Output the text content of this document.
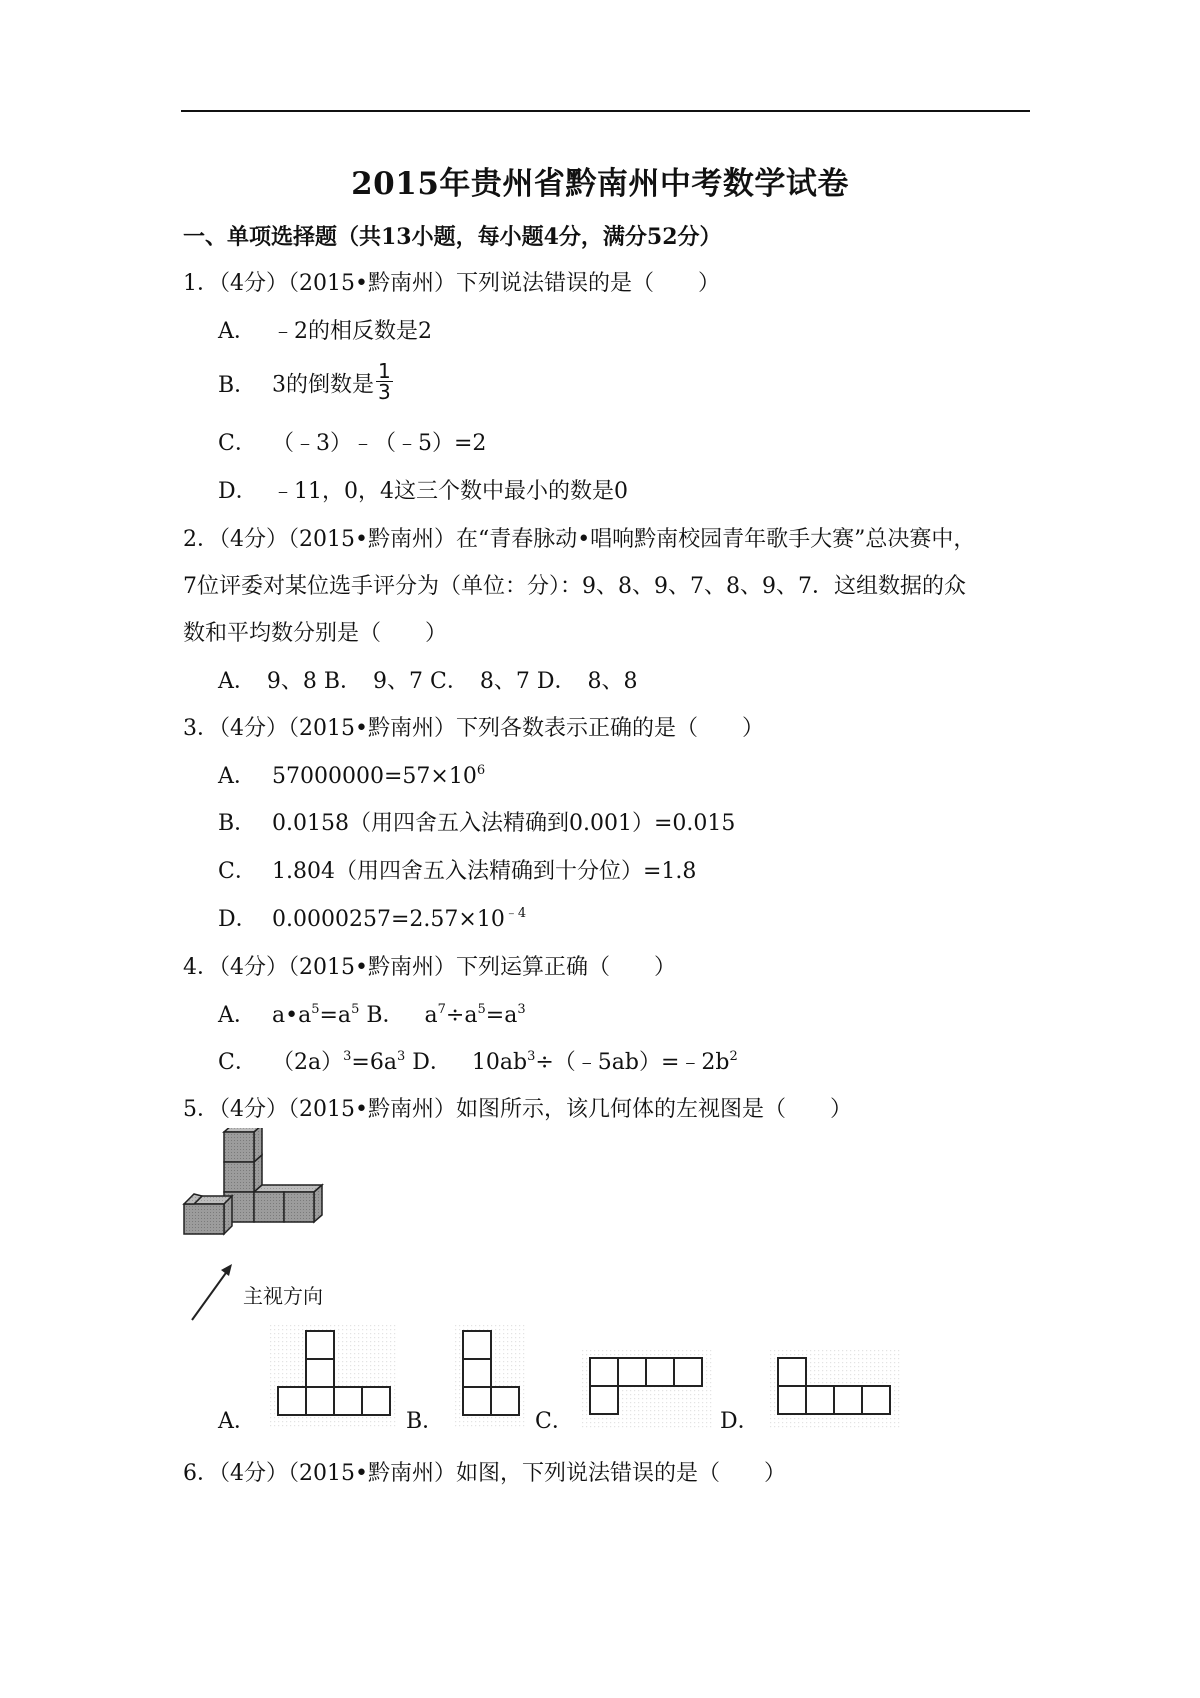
2015年贵州省黔南州中考数学试卷
一、单项选择题（共13小题，每小题4分，满分52分）
1．（4分）（2015•黔南州）下列说法错误的是（　　）
A． ﹣2的相反数是2
B． 3的倒数是 $\frac{1}{3}$
C． （﹣3）﹣（﹣5）=2
D． ﹣11，0，4这三个数中最小的数是0
2．（4分）（2015•黔南州）在“青春脉动•唱响黔南校园青年歌手大赛”总决赛中，
7位评委对某位选手评分为（单位：分）：9、8、9、7、8、9、7．这组数据的众
数和平均数分别是（　　）
A．　9、8 B．　9、7 C．　8、7 D．　8、8
3．（4分）（2015•黔南州）下列各数表示正确的是（　　）
A． $57000000=57\times 10^6$
B． 0.0158（用四舍五入法精确到0.001）=0.015
C． 1.804（用四舍五入法精确到十分位）=1.8
D． $0.0000257=2.57\times 10^{﹣4}$
4．（4分）（2015•黔南州）下列运算正确（　　）
A． $a•a^5=a^5$ B． $a^7\div a^5=a^3$
C． $(2a)^3=6a^3$ D． $10ab^3\div(﹣5ab)=﹣2b^2$
5．（4分）（2015•黔南州）如图所示，该几何体的左视图是（　　）
主视方向
A．	B．	C．	D．
6．（4分）（2015•黔南州）如图，下列说法错误的是（　　）
